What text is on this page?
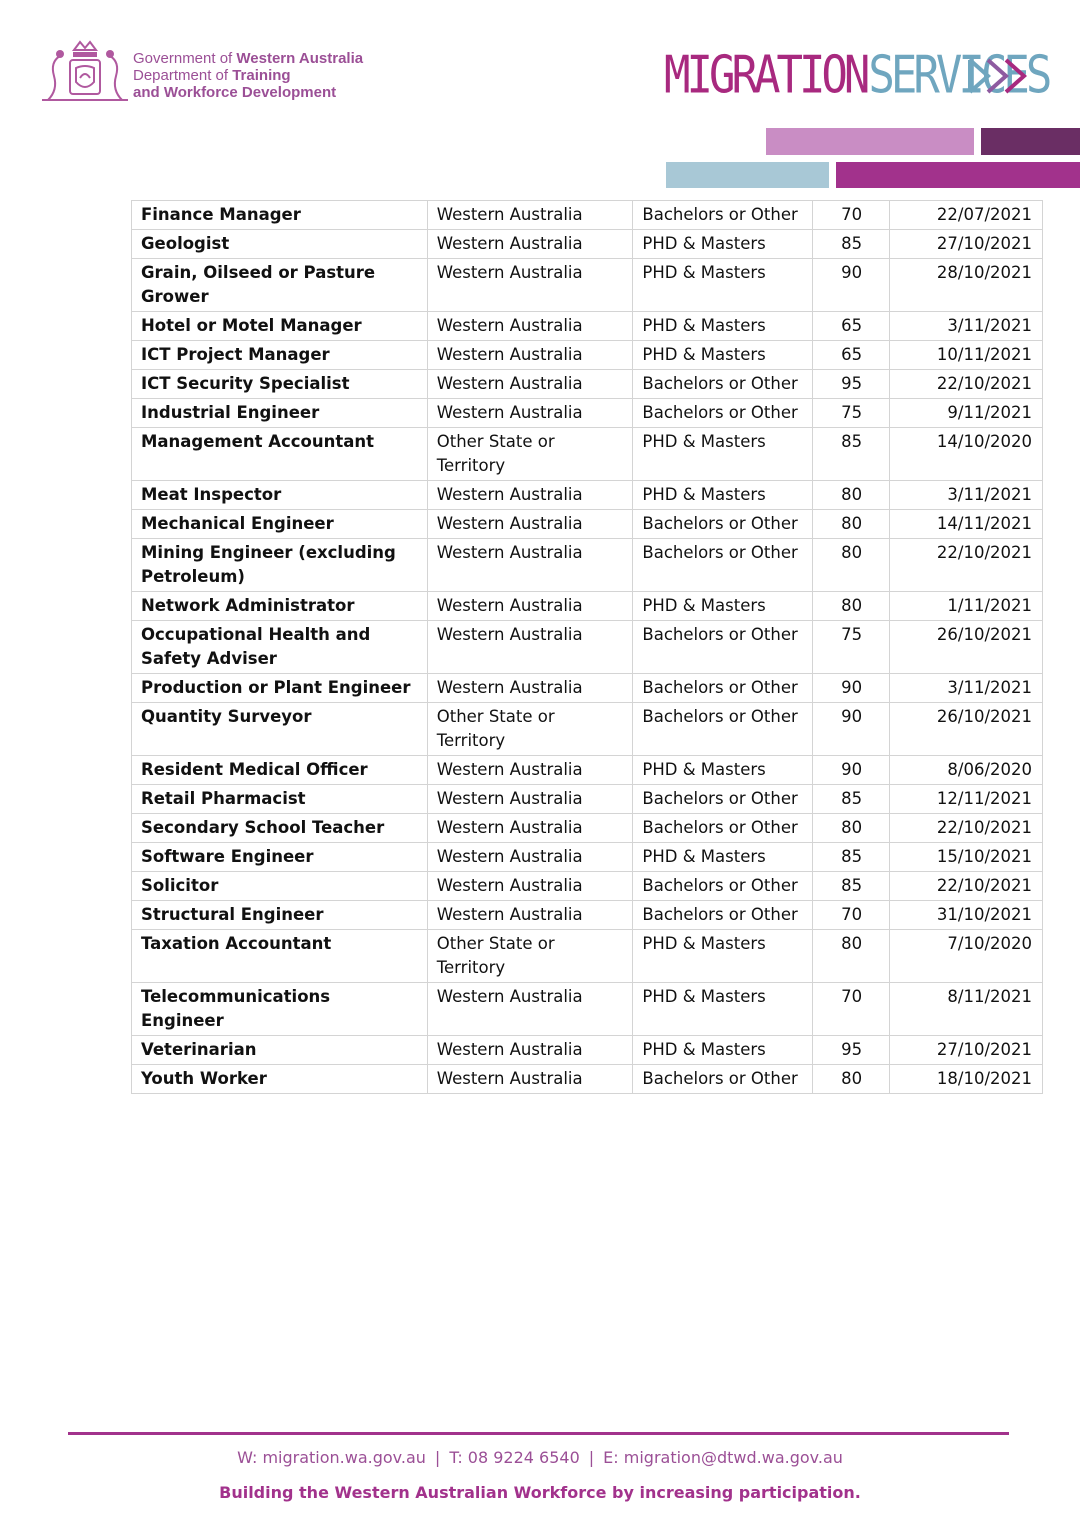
Government of Western Australia
Department of Training
and Workforce Development	MIGRATION SERVICES
Finance Manager	Western Australia	Bachelors or Other	70	22/07/2021
Geologist	Western Australia	PHD & Masters	85	27/10/2021
Grain, Oilseed or Pasture Grower	Western Australia	PHD & Masters	90	28/10/2021
Hotel or Motel Manager	Western Australia	PHD & Masters	65	3/11/2021
ICT Project Manager	Western Australia	PHD & Masters	65	10/11/2021
ICT Security Specialist	Western Australia	Bachelors or Other	95	22/10/2021
Industrial Engineer	Western Australia	Bachelors or Other	75	9/11/2021
Management Accountant	Other State or Territory	PHD & Masters	85	14/10/2020
Meat Inspector	Western Australia	PHD & Masters	80	3/11/2021
Mechanical Engineer	Western Australia	Bachelors or Other	80	14/11/2021
Mining Engineer (excluding Petroleum)	Western Australia	Bachelors or Other	80	22/10/2021
Network Administrator	Western Australia	PHD & Masters	80	1/11/2021
Occupational Health and Safety Adviser	Western Australia	Bachelors or Other	75	26/10/2021
Production or Plant Engineer	Western Australia	Bachelors or Other	90	3/11/2021
Quantity Surveyor	Other State or Territory	Bachelors or Other	90	26/10/2021
Resident Medical Officer	Western Australia	PHD & Masters	90	8/06/2020
Retail Pharmacist	Western Australia	Bachelors or Other	85	12/11/2021
Secondary School Teacher	Western Australia	Bachelors or Other	80	22/10/2021
Software Engineer	Western Australia	PHD & Masters	85	15/10/2021
Solicitor	Western Australia	Bachelors or Other	85	22/10/2021
Structural Engineer	Western Australia	Bachelors or Other	70	31/10/2021
Taxation Accountant	Other State or Territory	PHD & Masters	80	7/10/2020
Telecommunications Engineer	Western Australia	PHD & Masters	70	8/11/2021
Veterinarian	Western Australia	PHD & Masters	95	27/10/2021
Youth Worker	Western Australia	Bachelors or Other	80	18/10/2021
W: migration.wa.gov.au | T: 08 9224 6540 | E: migration@dtwd.wa.gov.au
Building the Western Australian Workforce by increasing participation.
